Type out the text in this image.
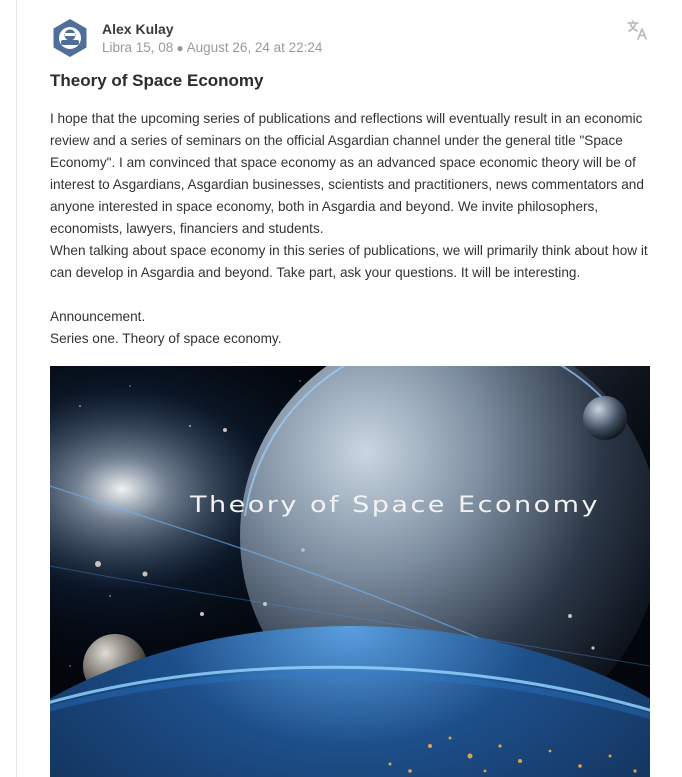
Alex Kulay
Libra 15, 08 ● August 26, 24 at 22:24
Theory of Space Economy

I hope that the upcoming series of publications and reflections will eventually result in an economic review and a series of seminars on the official Asgardian channel under the general title "Space Economy". I am convinced that space economy as an advanced space economic theory will be of interest to Asgardians, Asgardian businesses, scientists and practitioners, news commentators and anyone interested in space economy, both in Asgardia and beyond. We invite philosophers, economists, lawyers, financiers and students.

When talking about space economy in this series of publications, we will primarily think about how it can develop in Asgardia and beyond. Take part, ask your questions. It will be interesting.

Announcement.

Series one. Theory of space economy.

Theory of Space Economy
